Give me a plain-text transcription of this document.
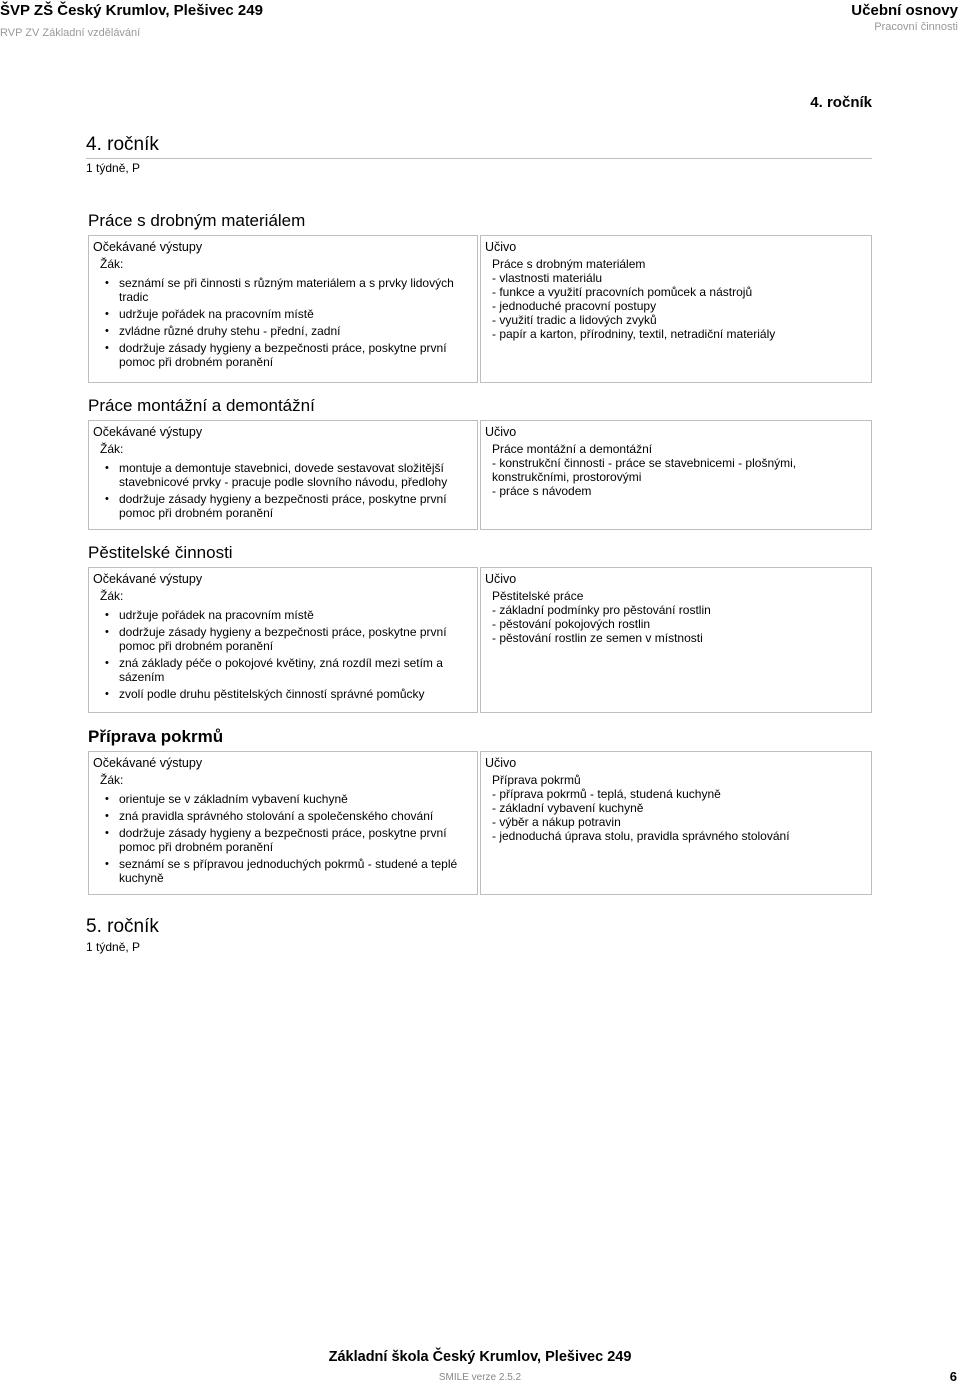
ŠVP ZŠ Český Krumlov, Plešivec 249
RVP ZV Základní vzdělávání
Učební osnovy
Pracovní činnosti
4. ročník
4. ročník
1 týdně, P
Práce s drobným materiálem
Očekávané výstupy
Žák:
• seznámí se při činnosti s různým materiálem a s prvky lidových tradic
• udržuje pořádek na pracovním místě
• zvládne různé druhy stehu - přední, zadní
• dodržuje zásady hygieny a bezpečnosti práce, poskytne první pomoc při drobném poranění
Učivo
Práce s drobným materiálem
- vlastnosti materiálu
- funkce a využití pracovních pomůcek a nástrojů
- jednoduché pracovní postupy
- využití tradic a lidových zvyků
- papír a karton, přírodniny, textil, netradiční materiály
Práce montážní a demontážní
Očekávané výstupy
Žák:
• montuje a demontuje stavebnici, dovede sestavovat složitější stavebnicové prvky - pracuje podle slovního návodu, předlohy
• dodržuje zásady hygieny a bezpečnosti práce, poskytne první pomoc při drobném poranění
Učivo
Práce montážní a demontážní
- konstrukční činnosti - práce se stavebnicemi - plošnými, konstrukčními, prostorovými
- práce s návodem
Pěstitelské činnosti
Očekávané výstupy
Žák:
• udržuje pořádek na pracovním místě
• dodržuje zásady hygieny a bezpečnosti práce, poskytne první pomoc při drobném poranění
• zná základy péče o pokojové květiny, zná rozdíl mezi setím a sázením
• zvolí podle druhu pěstitelských činností správné pomůcky
Učivo
Pěstitelské práce
- základní podmínky pro pěstování rostlin
- pěstování pokojových rostlin
- pěstování rostlin ze semen v místnosti
Příprava pokrmů
Očekávané výstupy
Žák:
• orientuje se v základním vybavení kuchyně
• zná pravidla správného stolování a společenského chování
• dodržuje zásady hygieny a bezpečnosti práce, poskytne první pomoc při drobném poranění
• seznámí se s přípravou jednoduchých pokrmů - studené a teplé kuchyně
Učivo
Příprava pokrmů
- příprava pokrmů - teplá, studená kuchyně
- základní vybavení kuchyně
- výběr a nákup potravin
- jednoduchá úprava stolu, pravidla správného stolování
5. ročník
1 týdně, P
Základní škola Český Krumlov, Plešivec 249
SMILE verze 2.5.2	6
